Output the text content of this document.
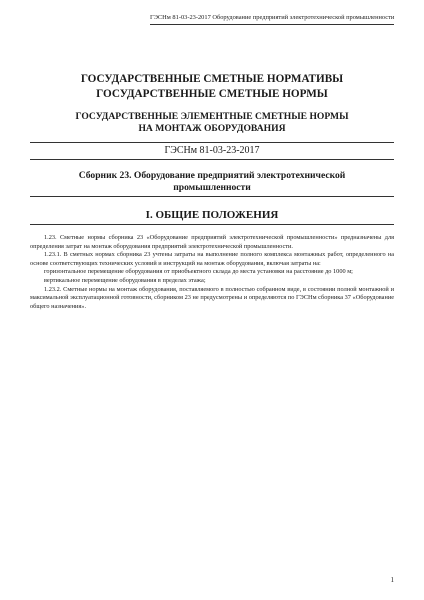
ГЭСНм 81-03-23-2017 Оборудование предприятий электротехнической промышленности
ГОСУДАРСТВЕННЫЕ СМЕТНЫЕ НОРМАТИВЫ
ГОСУДАРСТВЕННЫЕ СМЕТНЫЕ НОРМЫ
ГОСУДАРСТВЕННЫЕ ЭЛЕМЕНТНЫЕ СМЕТНЫЕ НОРМЫ
НА МОНТАЖ ОБОРУДОВАНИЯ
ГЭСНм 81-03-23-2017
Сборник 23. Оборудование предприятий электротехнической
промышленности
I. ОБЩИЕ ПОЛОЖЕНИЯ

1.23. Сметные нормы сборника 23 «Оборудование предприятий электротехнической промышленности» предназначены для определения затрат на монтаж оборудования предприятий электротехнической промышленности.

1.23.1. В сметных нормах сборника 23 учтены затраты на выполнение полного комплекса монтажных работ, определенного на основе соответствующих технических условий и инструкций на монтаж оборудования, включая затраты на:

горизонтальное перемещение оборудования от приобъектного склада до места установки на расстояние до 1000 м;

вертикальное перемещение оборудования в пределах этажа;

1.23.2. Сметные нормы на монтаж оборудования, поставляемого в полностью собранном виде, в состоянии полной монтажной и максимальной эксплуатационной готовности, сборником 23 не предусмотрены и определяются по ГЭСНм сборника 37 «Оборудование общего назначения».

1
